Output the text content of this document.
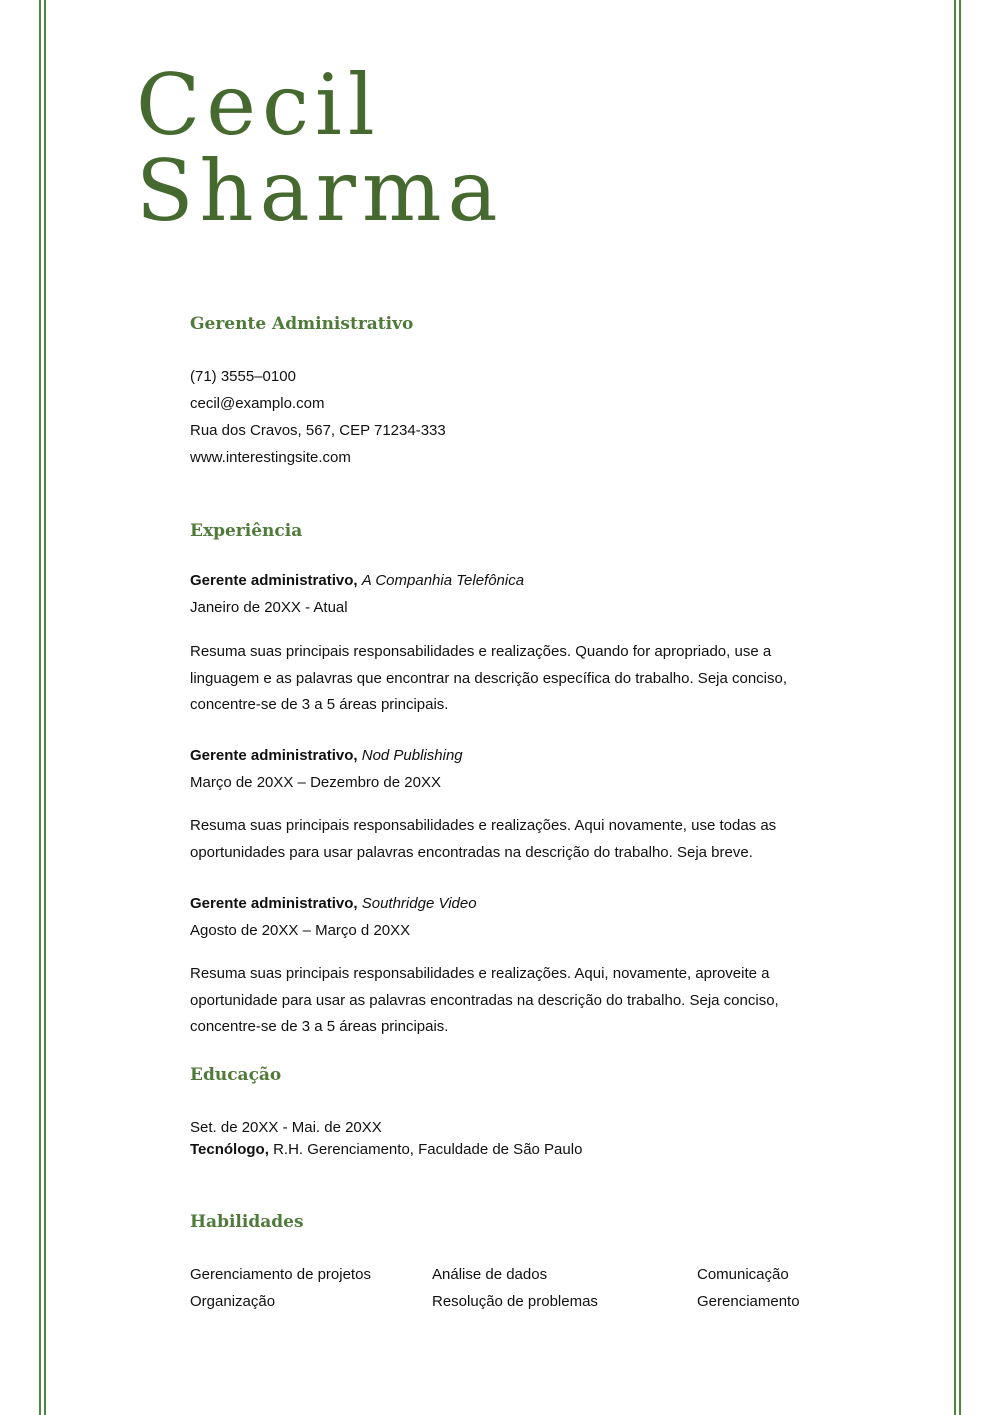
Cecil
Sharma
Gerente Administrativo
(71) 3555–0100
cecil@examplo.com
Rua dos Cravos, 567, CEP 71234-333
www.interestingsite.com
Experiência
Gerente administrativo, A Companhia Telefônica
Janeiro de 20XX - Atual
Resuma suas principais responsabilidades e realizações. Quando for apropriado, use a linguagem e as palavras que encontrar na descrição específica do trabalho. Seja conciso, concentre-se de 3 a 5 áreas principais.
Gerente administrativo, Nod Publishing
Março de 20XX – Dezembro de 20XX
Resuma suas principais responsabilidades e realizações. Aqui novamente, use todas as oportunidades para usar palavras encontradas na descrição do trabalho. Seja breve.
Gerente administrativo, Southridge Video
Agosto de 20XX – Março d 20XX
Resuma suas principais responsabilidades e realizações. Aqui, novamente, aproveite a oportunidade para usar as palavras encontradas na descrição do trabalho. Seja conciso, concentre-se de 3 a 5 áreas principais.
Educação
Set. de 20XX - Mai. de 20XX
Tecnólogo, R.H. Gerenciamento, Faculdade de São Paulo
Habilidades
Gerenciamento de projetos	Análise de dados	Comunicação
Organização	Resolução de problemas	Gerenciamento
